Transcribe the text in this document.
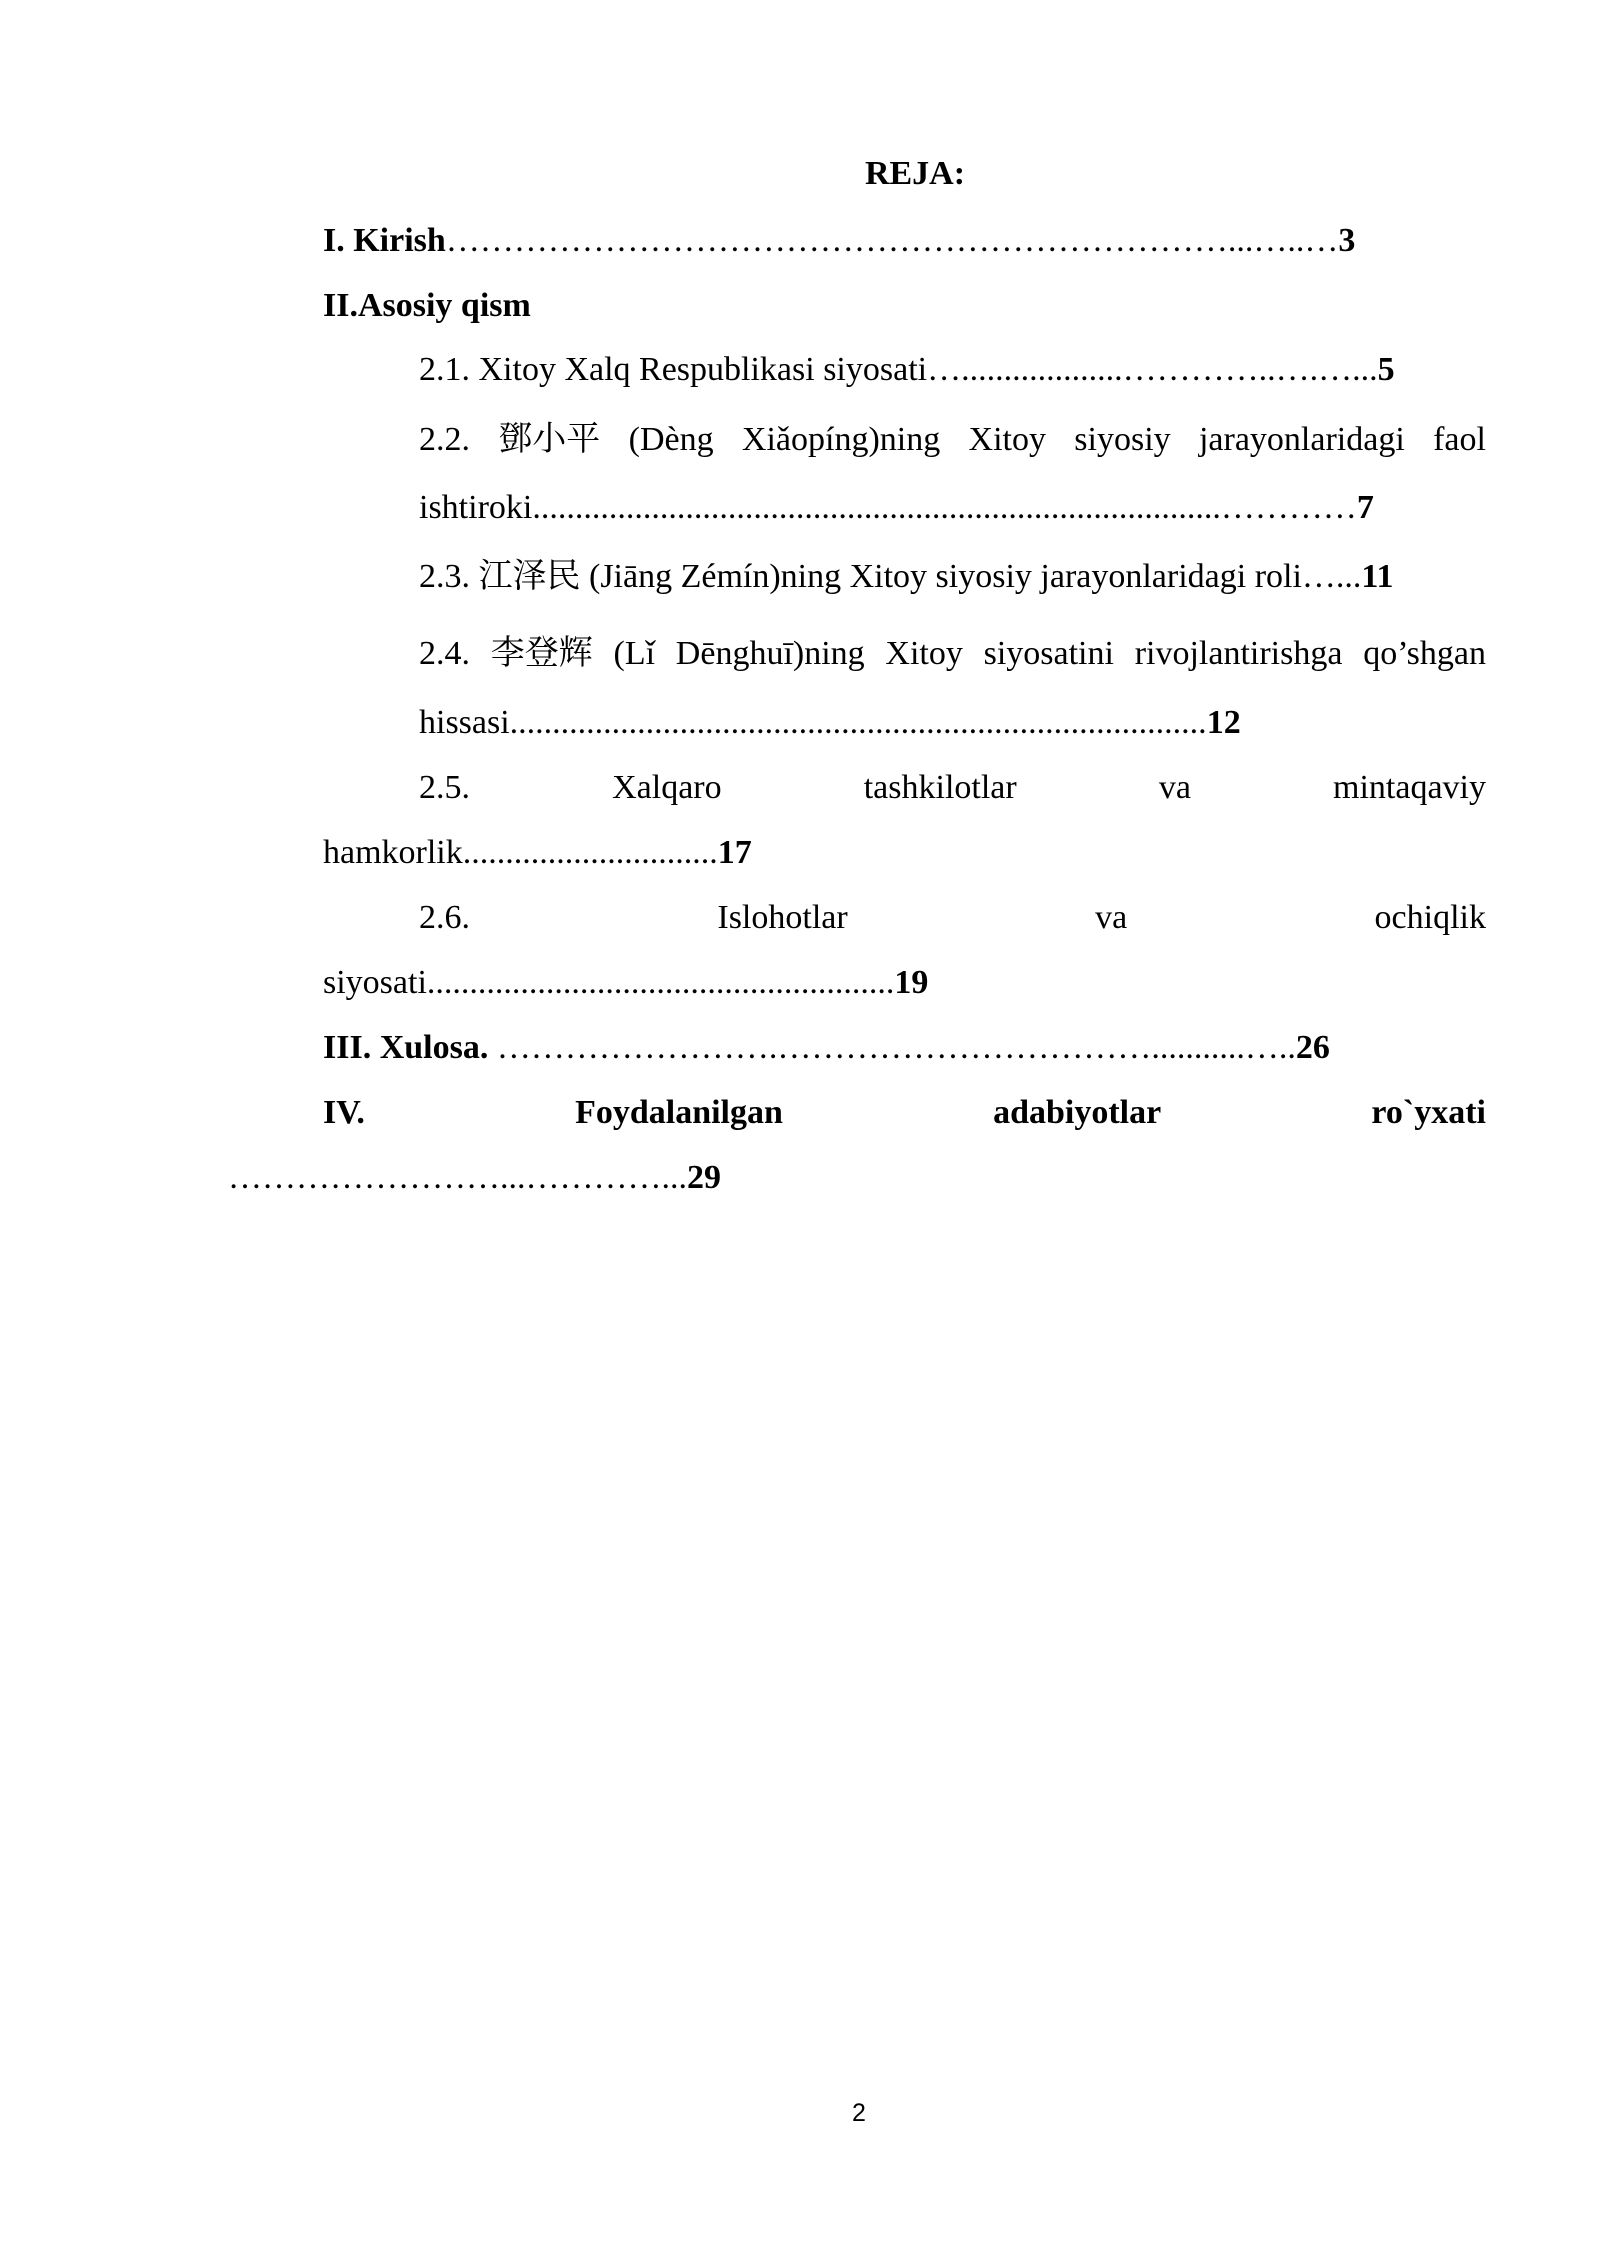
REJA:
I. Kirish……………………………………………………………...…..…3
II.Asosiy qism
2.1. Xitoy Xalq Respublikasi siyosati…...................…………..….…...5
2.2. 鄧小平 (Dèng Xiǎopíng)ning Xitoy siyosiy jarayonlaridagi faol
ishtiroki.................................................................................…………7
2.3. 江泽民 (Jiāng Zémín)ning Xitoy siyosiy jarayonlaridagi roli…...11
2.4. 李登辉 (Lǐ Dēnghuī)ning Xitoy siyosatini rivojlantirishga qo’shgan
hissasi..................................................................................12
2.5.	Xalqaro	tashkilotlar	va	mintaqaviy
hamkorlik..............................17
2.6.	Islohotlar	va	ochiqlik
siyosati.......................................................19
III. Xulosa. …………………….……………………………...........…..26
IV.	Foydalanilgan	adabiyotlar	ro`yxati
……………………...…………...29
2
